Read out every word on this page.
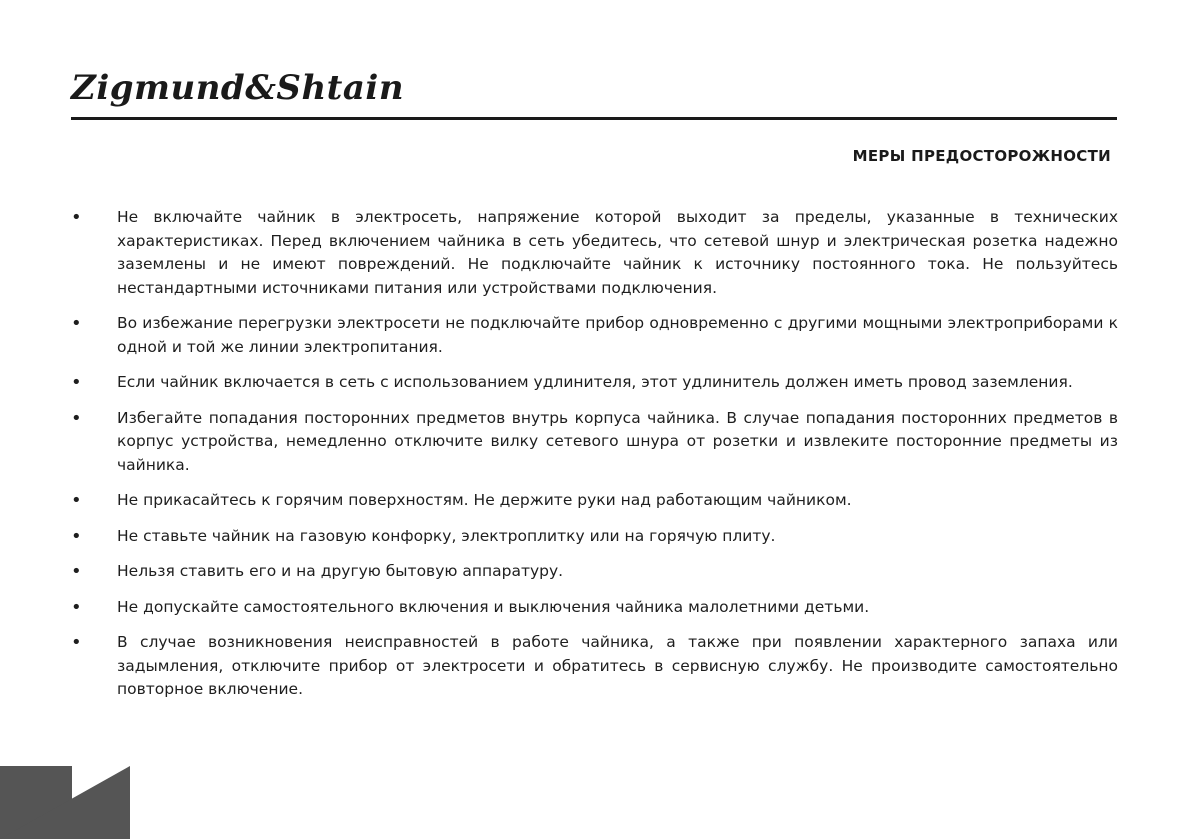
Zigmund&Shtain
МЕРЫ ПРЕДОСТОРОЖНОСТИ
• Не включайте чайник в электросеть, напряжение которой выходит за пределы, указанные в технических характеристиках. Перед включением чайника в сеть убедитесь, что сетевой шнур и электрическая розетка надежно заземлены и не имеют повреждений. Не подключайте чайник к источнику постоянного тока. Не пользуйтесь нестандартными источниками питания или устройствами подключения.
• Во избежание перегрузки электросети не подключайте прибор одновременно с другими мощными электроприборами к одной и той же линии электропитания.
• Если чайник включается в сеть с использованием удлинителя, этот удлинитель должен иметь провод заземления.
• Избегайте попадания посторонних предметов внутрь корпуса чайника. В случае попадания посторонних предметов в корпус устройства, немедленно отключите вилку сетевого шнура от розетки и извлеките посторонние предметы из чайника.
• Не прикасайтесь к горячим поверхностям. Не держите руки над работающим чайником.
• Не ставьте чайник на газовую конфорку, электроплитку или на горячую плиту.
• Нельзя ставить его и на другую бытовую аппаратуру.
• Не допускайте самостоятельного включения и выключения чайника малолетними детьми.
• В случае возникновения неисправностей в работе чайника, а также при появлении характерного запаха или задымления, отключите прибор от электросети и обратитесь в сервисную службу. Не производите самостоятельно повторное включение.
